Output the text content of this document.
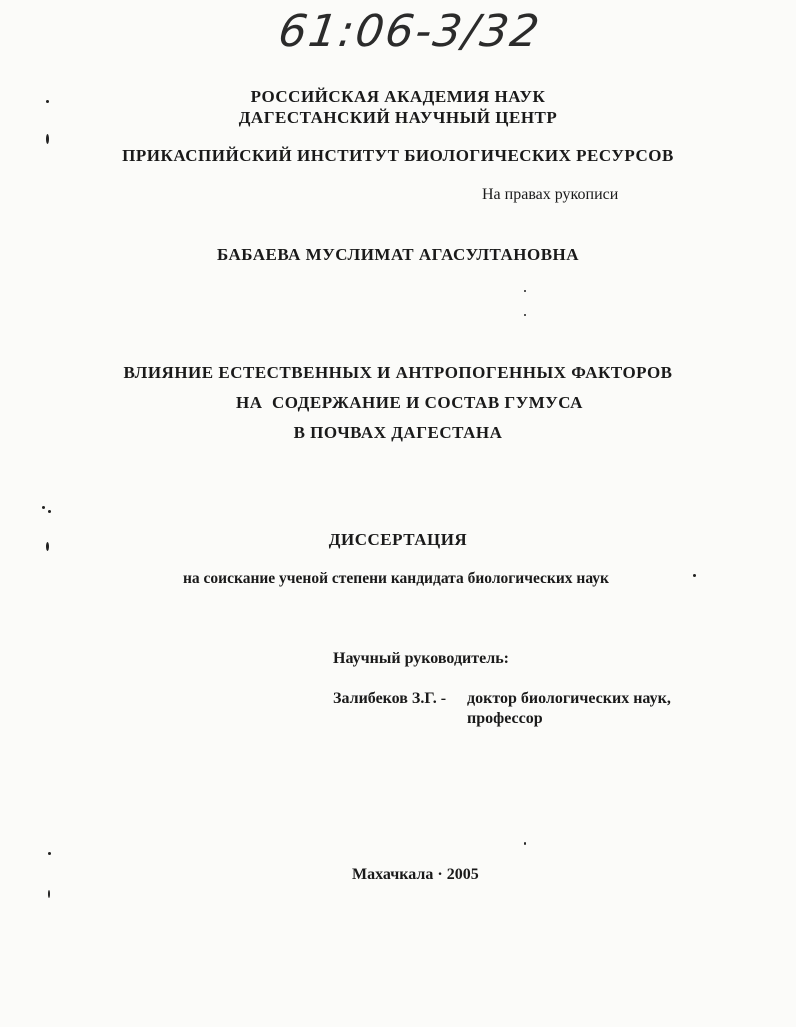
61:06-3/32
РОССИЙСКАЯ АКАДЕМИЯ НАУК
ДАГЕСТАНСКИЙ НАУЧНЫЙ ЦЕНТР
ПРИКАСПИЙСКИЙ ИНСТИТУТ БИОЛОГИЧЕСКИХ РЕСУРСОВ
На правах рукописи
БАБАЕВА МУСЛИМАТ АГАСУЛТАНОВНА
ВЛИЯНИЕ ЕСТЕСТВЕННЫХ И АНТРОПОГЕННЫХ ФАКТОРОВ
НА  СОДЕРЖАНИЕ И СОСТАВ ГУМУСА
В ПОЧВАХ ДАГЕСТАНА
ДИССЕРТАЦИЯ
на соискание ученой степени кандидата биологических наук
Научный руководитель:
Залибеков З.Г. - доктор биологических наук,
профессор
Махачкала · 2005
